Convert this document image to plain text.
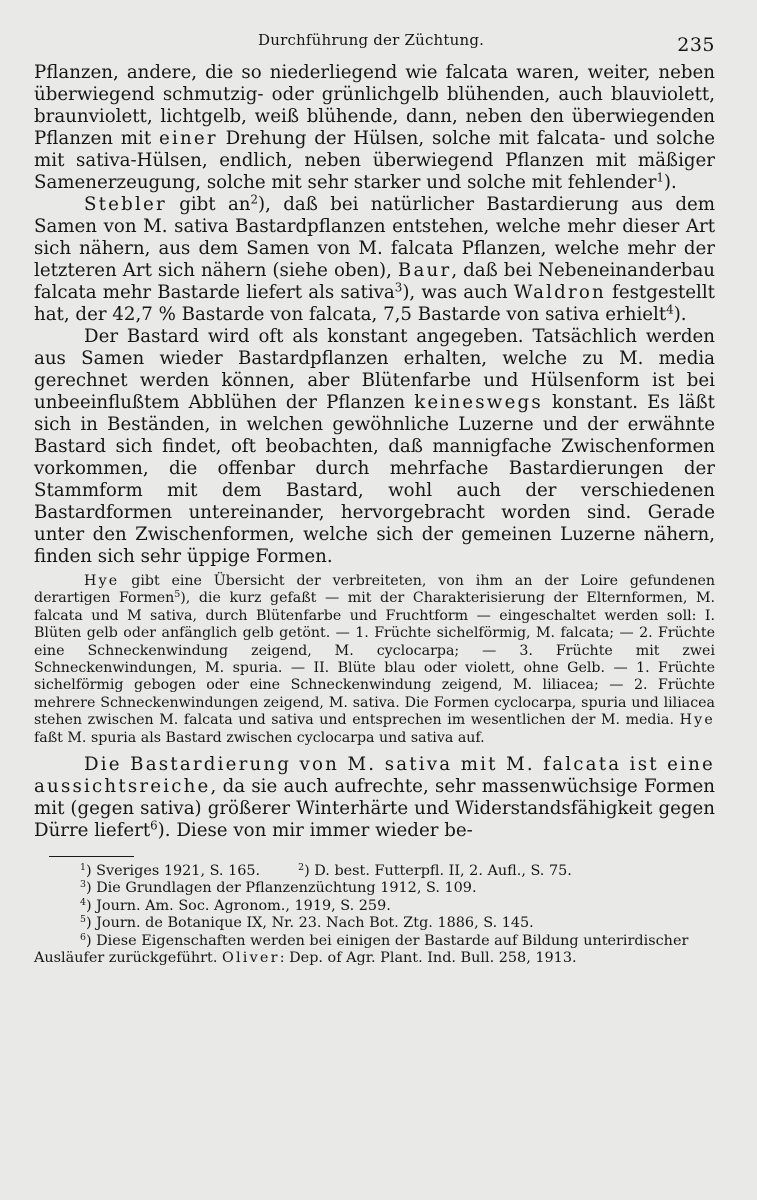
Durchführung der Züchtung.	235

Pflanzen, andere, die so niederliegend wie falcata waren, weiter, neben überwiegend schmutzig- oder grünlichgelb blühenden, auch blauviolett, braunviolett, lichtgelb, weiß blühende, dann, neben den überwiegenden Pflanzen mit einer Drehung der Hülsen, solche mit falcata- und solche mit sativa-Hülsen, endlich, neben überwiegend Pflanzen mit mäßiger Samenerzeugung, solche mit sehr starker und solche mit fehlender$^1$).

Stebler gibt $an^2$), daß bei natürlicher Bastardierung aus dem Samen von M. sativa Bastardpflanzen entstehen, welche mehr dieser Art sich nähern, aus dem Samen von M. falcata Pflanzen, welche mehr der letzteren Art sich nähern (siehe oben), Baur, daß bei Nebeneinanderbau falcata mehr Bastarde liefert als sativa$^3$), was auch Waldron festgestellt hat, der 42,7 % Bastarde von falcata, 7,5 Bastarde von sativa erhielt$^4$).

Der Bastard wird oft als konstant angegeben. Tatsächlich werden aus Samen wieder Bastardpflanzen erhalten, welche zu M. media gerechnet werden können, aber Blütenfarbe und Hülsenform ist bei unbeeinflußtem Abblühen der Pflanzen keineswegs konstant. Es läßt sich in Beständen, in welchen gewöhnliche Luzerne und der erwähnte Bastard sich findet, oft beobachten, daß mannigfache Zwischenformen vorkommen, die offenbar durch mehrfache Bastardierungen der Stammform mit dem Bastard, wohl auch der verschiedenen Bastardformen untereinander, hervorgebracht worden sind. Gerade unter den Zwischenformen, welche sich der gemeinen Luzerne nähern, finden sich sehr üppige Formen.

Hye gibt eine Übersicht der verbreiteten, von ihm an der Loire gefundenen derartigen Formen$^5$), die kurz gefaßt — mit der Charakterisierung der Elternformen, M. falcata und M sativa, durch Blütenfarbe und Fruchtform — eingeschaltet werden soll: I. Blüten gelb oder anfänglich gelb getönt. — 1. Früchte sichelförmig, M. falcata; — 2. Früchte eine Schneckenwindung zeigend, M. cyclocarpa; — 3. Früchte mit zwei Schneckenwindungen, M. spuria. — II. Blüte blau oder violett, ohne Gelb. — 1. Früchte sichelförmig gebogen oder eine Schneckenwindung zeigend, M. liliacea; — 2. Früchte mehrere Schneckenwindungen zeigend, M. sativa. Die Formen cyclocarpa, spuria und liliacea stehen zwischen M. falcata und sativa und entsprechen im wesentlichen der M. media. Hye faßt M. spuria als Bastard zwischen cyclocarpa und sativa auf.

Die Bastardierung von M. sativa mit M. falcata ist eine aussichtsreiche, da sie auch aufrechte, sehr massenwüchsige Formen mit (gegen sativa) größerer Winterhärte und Widerstandsfähigkeit gegen Dürre liefert$^6$). Diese von mir immer wieder be-

$^1$) Sveriges 1921, S. 165.	$^2$) D. best. Futterpfl. II, 2. Aufl., S. 75.

$^3$) Die Grundlagen der Pflanzenzüchtung 1912, S. 109.

$^4$) Journ. Am. Soc. Agronom., 1919, S. 259.

$^5$) Journ. de Botanique IX, Nr. 23. Nach Bot. Ztg. 1886, S. 145.

$^6$) Diese Eigenschaften werden bei einigen der Bastarde auf Bildung unterirdischer Ausläufer zurückgeführt. Oliver: Dep. of Agr. Plant. Ind. Bull. 258, 1913.
